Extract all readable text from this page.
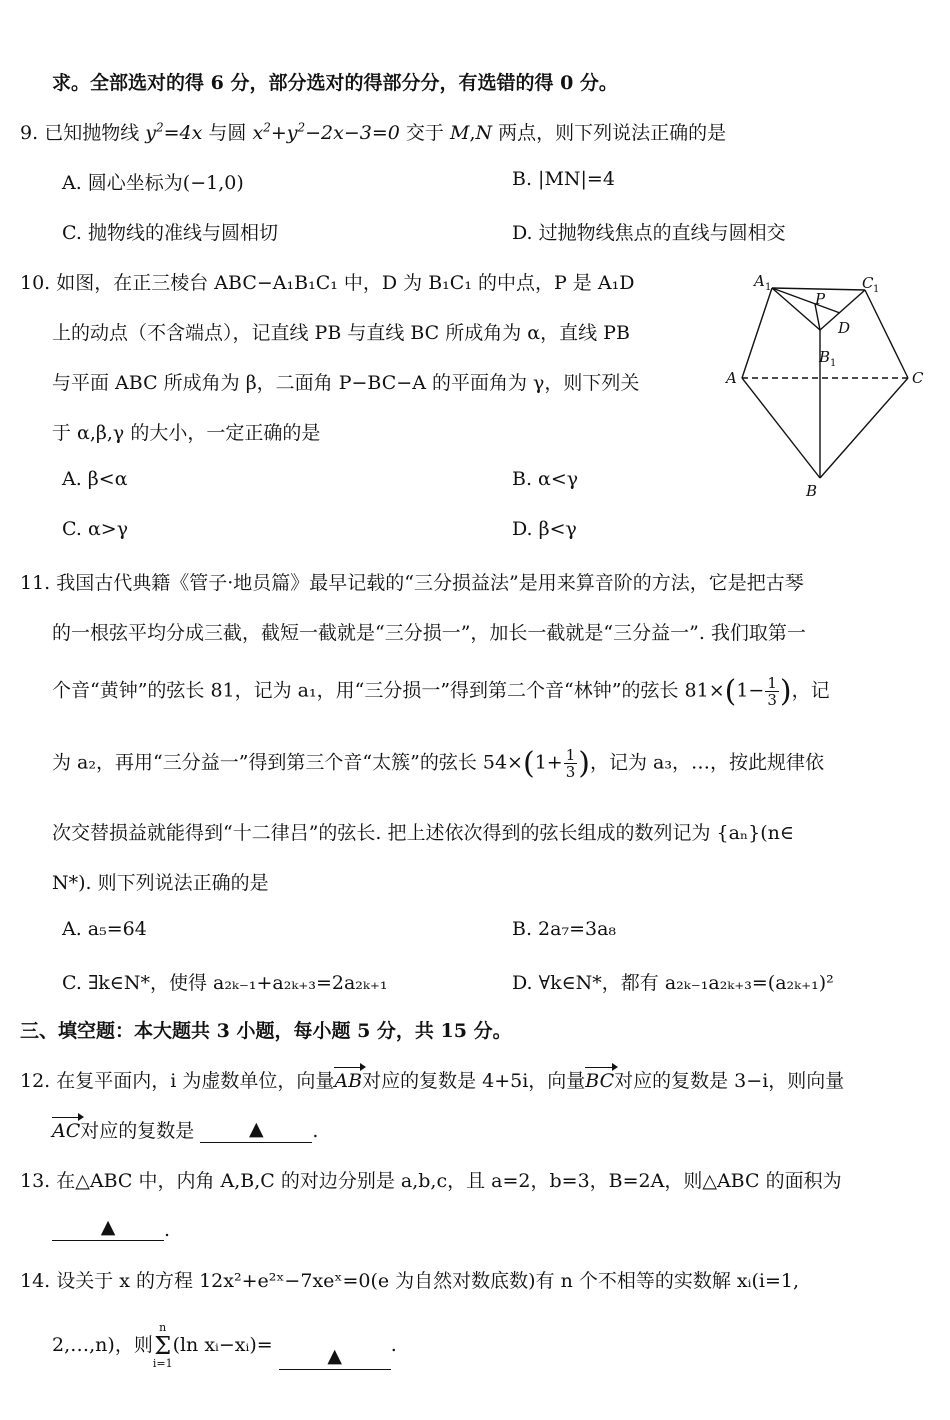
求。全部选对的得 6 分，部分选对的得部分分，有选错的得 0 分。
9. 已知抛物线 $y^2=4x$ 与圆 $x^2+y^2-2x-3=0$ 交于 M,N 两点，则下列说法正确的是
A. 圆心坐标为(−1,0)	B. |MN|=4
C. 抛物线的准线与圆相切	D. 过抛物线焦点的直线与圆相交
10. 如图，在正三棱台 ABC−A₁B₁C₁ 中，D 为 B₁C₁ 的中点，P 是 A₁D
上的动点（不含端点），记直线 PB 与直线 BC 所成角为 α，直线 PB
与平面 ABC 所成角为 β，二面角 P−BC−A 的平面角为 γ，则下列关
于 α,β,γ 的大小，一定正确的是
A. β<α	B. α<γ
C. α>γ	D. β<γ
A 1	C 1
P
D
B 1
A	C
B
11. 我国古代典籍《管子·地员篇》最早记载的“三分损益法”是用来算音阶的方法，它是把古琴
的一根弦平均分成三截，截短一截就是“三分损一”，加长一截就是“三分益一”. 我们取第一
个音“黄钟”的弦长 81，记为 a₁，用“三分损一”得到第二个音“林钟”的弦长 $81\times(1- \frac{1}{3}$ )，记
为 a₂，再用“三分益一”得到第三个音“太簇”的弦长 $54\times(1+ \frac{1}{3}$ )，记为 a₃，…，按此规律依
次交替损益就能得到“十二律吕”的弦长. 把上述依次得到的弦长组成的数列记为 {aₙ}(n∈
N*). 则下列说法正确的是
A. a₅=64	B. 2a₇=3a₈
C. ∃k∈N*，使得 a₂ₖ₋₁+a₂ₖ₊₃=2a₂ₖ₊₁	D. ∀k∈N*，都有 a₂ₖ₋₁a₂ₖ₊₃=(a₂ₖ₊₁)²
三、填空题：本大题共 3 小题，每小题 5 分，共 15 分。
12. 在复平面内，i 为虚数单位，向量AB对应的复数是 4+5i，向量BC对应的复数是 3−i，则向量
AC对应的复数是	▲	.
13. 在△ABC 中，内角 A,B,C 的对边分别是 a,b,c，且 a=2，b=3，B=2A，则△ABC 的面积为
▲	.
14. 设关于 x 的方程 12x²+e²ˣ−7xeˣ=0(e 为自然对数底数)有 n 个不相等的实数解 xᵢ(i=1,
2,…,n)，则
n
Σ
i=1
(ln xᵢ−xᵢ)=	▲	.
